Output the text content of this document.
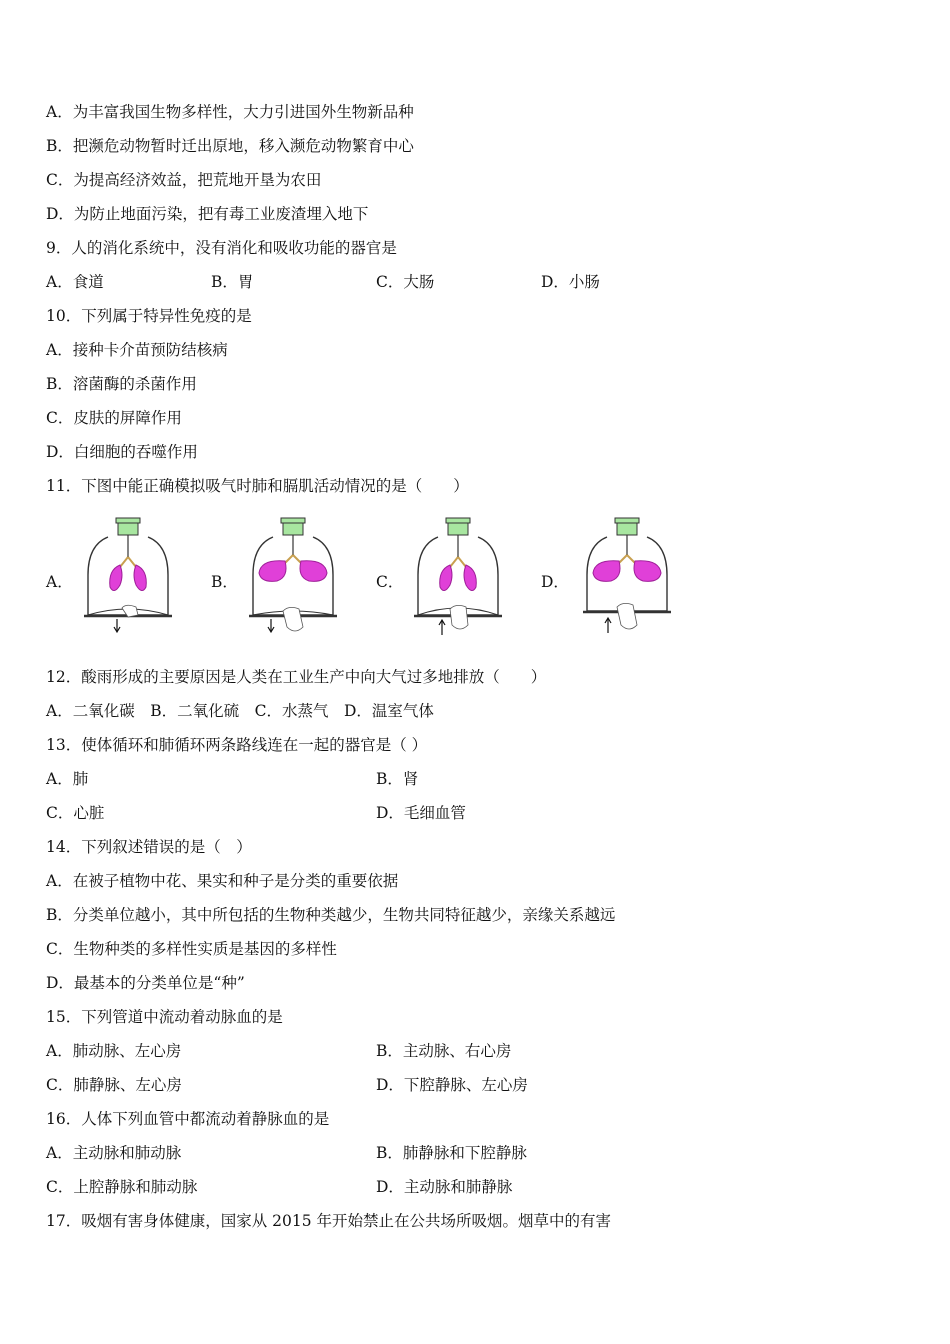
A．为丰富我国生物多样性，大力引进国外生物新品种
B．把濒危动物暂时迁出原地，移入濒危动物繁育中心
C．为提高经济效益，把荒地开垦为农田
D．为防止地面污染，把有毒工业废渣埋入地下
9．人的消化系统中，没有消化和吸收功能的器官是
A．食道	B．胃	C．大肠	D．小肠
10．下列属于特异性免疫的是
A．接种卡介苗预防结核病
B．溶菌酶的杀菌作用
C．皮肤的屏障作用
D．白细胞的吞噬作用
11．下图中能正确模拟吸气时肺和膈肌活动情况的是（　　）
A．	B．	C．	D．
12．酸雨形成的主要原因是人类在工业生产中向大气过多地排放（　　）
A．二氧化碳　B．二氧化硫　C．水蒸气　D．温室气体
13．使体循环和肺循环两条路线连在一起的器官是（ ）
A．肺	B．肾
C．心脏	D．毛细血管
14．下列叙述错误的是（　）
A．在被子植物中花、果实和种子是分类的重要依据
B．分类单位越小，其中所包括的生物种类越少，生物共同特征越少，亲缘关系越远
C．生物种类的多样性实质是基因的多样性
D．最基本的分类单位是“种”
15．下列管道中流动着动脉血的是
A．肺动脉、左心房	B．主动脉、右心房
C．肺静脉、左心房	D．下腔静脉、左心房
16．人体下列血管中都流动着静脉血的是
A．主动脉和肺动脉	B．肺静脉和下腔静脉
C．上腔静脉和肺动脉	D．主动脉和肺静脉
17．吸烟有害身体健康，国家从 2015 年开始禁止在公共场所吸烟。烟草中的有害
